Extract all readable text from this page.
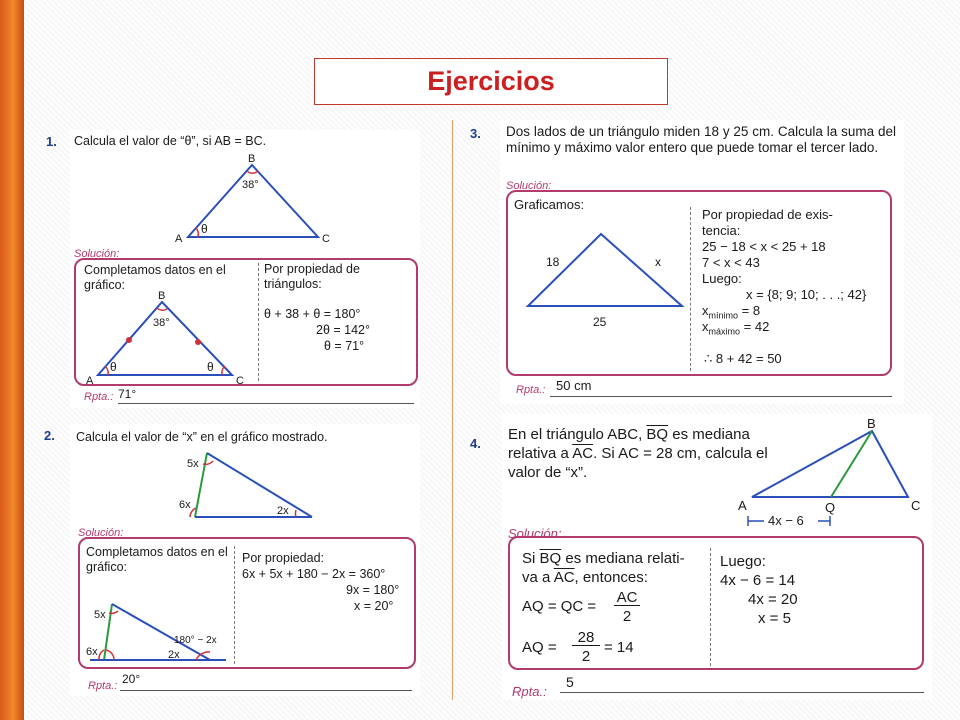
Ejercicios
1. Calcula el valor de “θ”, si AB = BC.
A
B
C
38°
θ
Solución:
Completamos datos en el gráfico:
A
B
C
38°
θ	θ
Por propiedad de
triángulos:
θ + 38 + θ = 180°
2θ = 142°
θ = 71°
Rpta.: 71°
2. Calcula el valor de “x” en el gráfico mostrado.
5x
6x	2x
Solución:
Completamos datos en el gráfico:
5x
6x	2x
180° − 2x
Por propiedad:
6x + 5x + 180 − 2x = 360°
9x = 180°
x = 20°
Rpta.: 20°
3. Dos lados de un triángulo miden 18 y 25 cm. Calcula la suma del mínimo y máximo valor entero que puede tomar el tercer lado.
Solución:
Graficamos:
18	x
25
Por propiedad de exis-
tencia:
25 − 18 < x < 25 + 18
7 < x < 43
Luego:
x = {8; 9; 10; . . .; 42}
$x_{mínimo} = 8$
$x_{máximo} = 42$
∴ 8 + 42 = 50
Rpta.: 50 cm
4.
En el triángulo ABC, $\overline{BQ}$ es mediana relativa a $\overline{AC}$. Si AC = 28 cm, calcula el valor de “x”.
4x − 6
A
B
C
Q
Solución:
Si $\overline{BQ}$ es mediana relati-
va a $\overline{AC}$, entonces:
AQ = QC =
AC
2
AQ =
28
2
= 14
Luego:
4x − 6 = 14
4x = 20
x = 5
Rpta.:
5
